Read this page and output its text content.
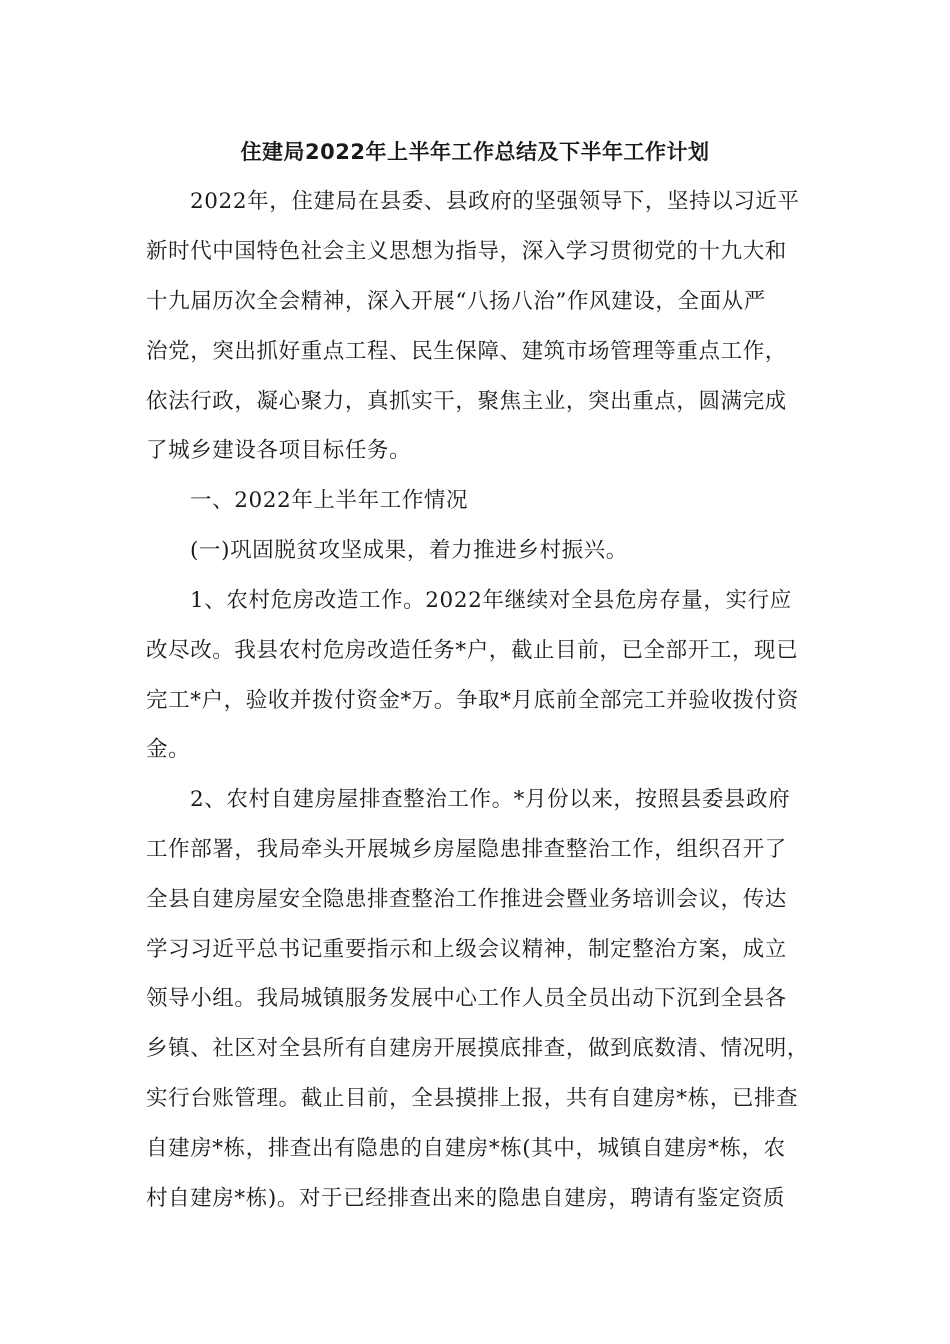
住建局2022年上半年工作总结及下半年工作计划
2022年，住建局在县委、县政府的坚强领导下，坚持以习近平
新时代中国特色社会主义思想为指导，深入学习贯彻党的十九大和
十九届历次全会精神，深入开展“八扬八治”作风建设，全面从严
治党，突出抓好重点工程、民生保障、建筑市场管理等重点工作，
依法行政，凝心聚力，真抓实干，聚焦主业，突出重点，圆满完成
了城乡建设各项目标任务。
一、2022年上半年工作情况
(一)巩固脱贫攻坚成果，着力推进乡村振兴。
1、农村危房改造工作。2022年继续对全县危房存量，实行应
改尽改。我县农村危房改造任务*户，截止目前，已全部开工，现已
完工*户，验收并拨付资金*万。争取*月底前全部完工并验收拨付资
金。
2、农村自建房屋排查整治工作。*月份以来，按照县委县政府
工作部署，我局牵头开展城乡房屋隐患排查整治工作，组织召开了
全县自建房屋安全隐患排查整治工作推进会暨业务培训会议，传达
学习习近平总书记重要指示和上级会议精神，制定整治方案，成立
领导小组。我局城镇服务发展中心工作人员全员出动下沉到全县各
乡镇、社区对全县所有自建房开展摸底排查，做到底数清、情况明，
实行台账管理。截止目前，全县摸排上报，共有自建房*栋，已排查
自建房*栋，排查出有隐患的自建房*栋(其中，城镇自建房*栋，农
村自建房*栋)。对于已经排查出来的隐患自建房，聘请有鉴定资质
